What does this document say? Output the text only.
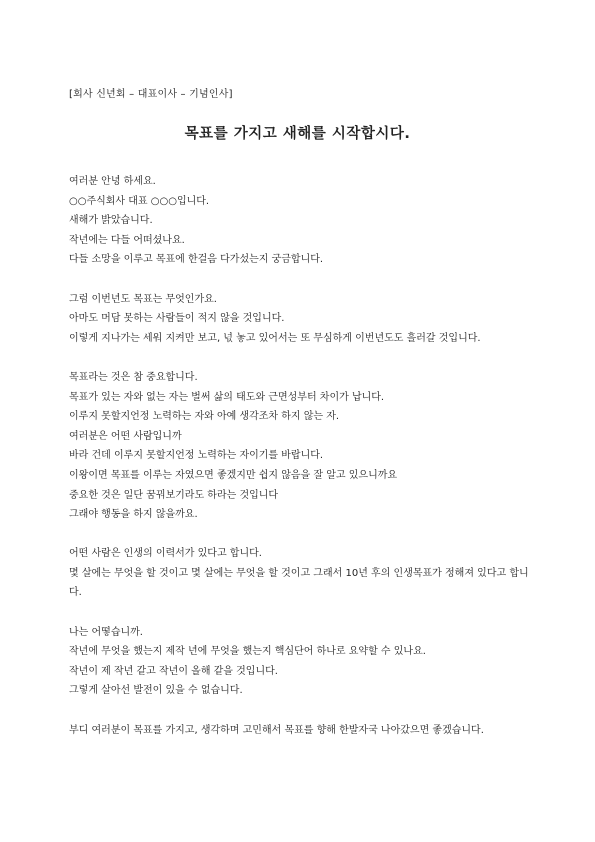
[회사 신년회 – 대표이사 – 기념인사]
목표를 가지고 새해를 시작합시다.
여러분 안녕 하세요.
○○주식회사 대표 ○○○입니다.
새해가 밝았습니다.
작년에는 다들 어떠셨나요.
다들 소망을 이루고 목표에 한걸음 다가섰는지 궁금합니다.
그럼 이번년도 목표는 무엇인가요.
아마도 머담 못하는 사람들이 적지 않을 것입니다.
이렇게 지나가는 세워 지켜만 보고, 넋 놓고 있어서는 또 무심하게 이번년도도 흘러갈 것입니다.
목표라는 것은 참 중요합니다.
목표가 있는 자와 없는 자는 벌써 삶의 태도와 근면성부터 차이가 납니다.
이루지 못할지언정 노력하는 자와 아예 생각조차 하지 않는 자.
여러분은 어떤 사람입니까
바라 건데 이루지 못할지언정 노력하는 자이기를 바랍니다.
이왕이면 목표를 이루는 자였으면 좋겠지만 쉽지 않음을 잘 알고 있으니까요
중요한 것은 일단 꿈꿔보기라도 하라는 것입니다
그래야 행동을 하지 않을까요.
어떤 사람은 인생의 이력서가 있다고 합니다.
몇 살에는 무엇을 할 것이고 몇 살에는 무엇을 할 것이고 그래서 10년 후의 인생목표가 정해져 있다고 합니다.
나는 어떻습니까.
작년에 무엇을 했는지 제작 년에 무엇을 했는지 핵심단어 하나로 요약할 수 있나요.
작년이 제 작년 같고 작년이 올해 같을 것입니다.
그렇게 살아선 발전이 있을 수 없습니다.
부디 여러분이 목표를 가지고, 생각하며 고민해서 목표를 향해 한발자국 나아갔으면 좋겠습니다.
